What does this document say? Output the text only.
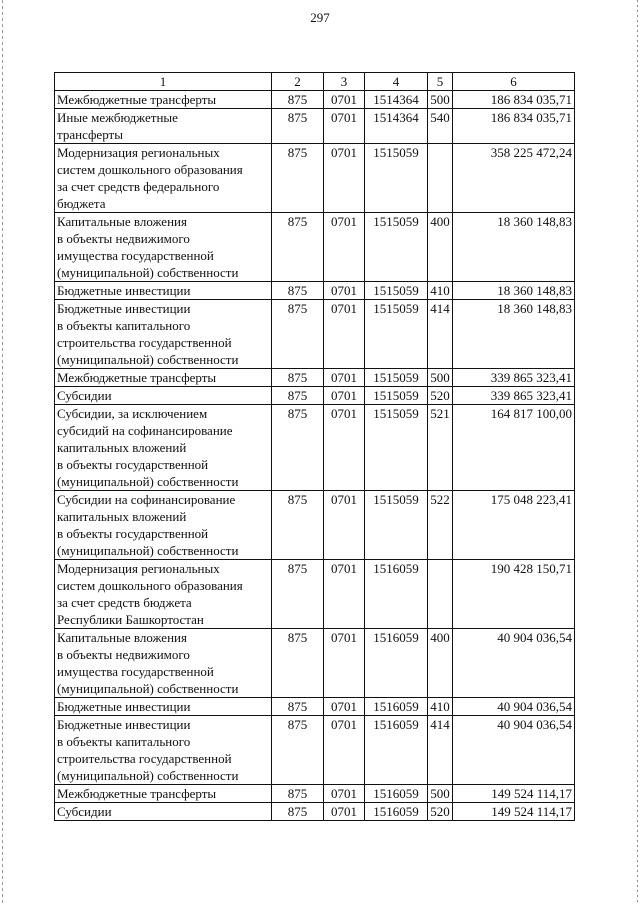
297
1	2	3	4	5	6
Межбюджетные трансферты	875	0701	1514364	500	186 834 035,71
Иные межбюджетные
трансферты	875	0701	1514364	540	186 834 035,71
Модернизация региональных
систем дошкольного образования
за счет средств федерального
бюджета	875	0701	1515059		358 225 472,24
Капитальные вложения
в объекты недвижимого
имущества государственной
(муниципальной) собственности	875	0701	1515059	400	18 360 148,83
Бюджетные инвестиции	875	0701	1515059	410	18 360 148,83
Бюджетные инвестиции
в объекты капитального
строительства государственной
(муниципальной) собственности	875	0701	1515059	414	18 360 148,83
Межбюджетные трансферты	875	0701	1515059	500	339 865 323,41
Субсидии	875	0701	1515059	520	339 865 323,41
Субсидии, за исключением
субсидий на софинансирование
капитальных вложений
в объекты государственной
(муниципальной) собственности	875	0701	1515059	521	164 817 100,00
Субсидии на софинансирование
капитальных вложений
в объекты государственной
(муниципальной) собственности	875	0701	1515059	522	175 048 223,41
Модернизация региональных
систем дошкольного образования
за счет средств бюджета
Республики Башкортостан	875	0701	1516059		190 428 150,71
Капитальные вложения
в объекты недвижимого
имущества государственной
(муниципальной) собственности	875	0701	1516059	400	40 904 036,54
Бюджетные инвестиции	875	0701	1516059	410	40 904 036,54
Бюджетные инвестиции
в объекты капитального
строительства государственной
(муниципальной) собственности	875	0701	1516059	414	40 904 036,54
Межбюджетные трансферты	875	0701	1516059	500	149 524 114,17
Субсидии	875	0701	1516059	520	149 524 114,17
